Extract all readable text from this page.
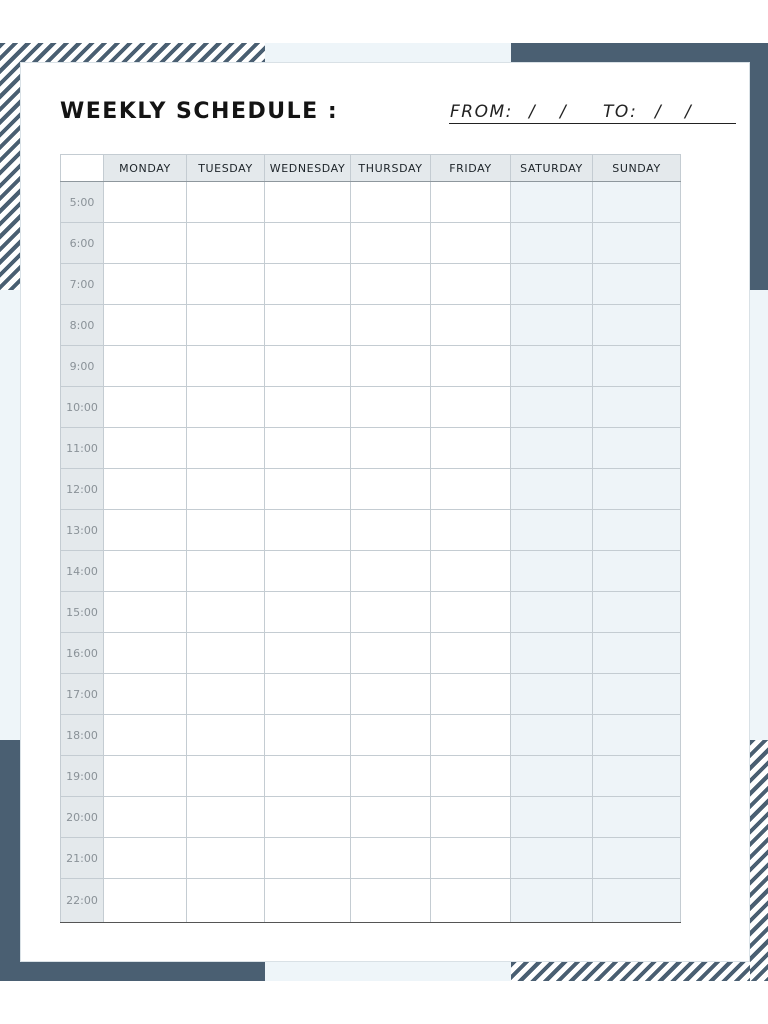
WEEKLY SCHEDULE :	FROM: / / TO: / /
	MONDAY	TUESDAY	WEDNESDAY	THURSDAY	FRIDAY	SATURDAY	SUNDAY
5:00							
6:00							
7:00							
8:00							
9:00							
10:00							
11:00							
12:00							
13:00							
14:00							
15:00							
16:00							
17:00							
18:00							
19:00							
20:00							
21:00							
22:00							
